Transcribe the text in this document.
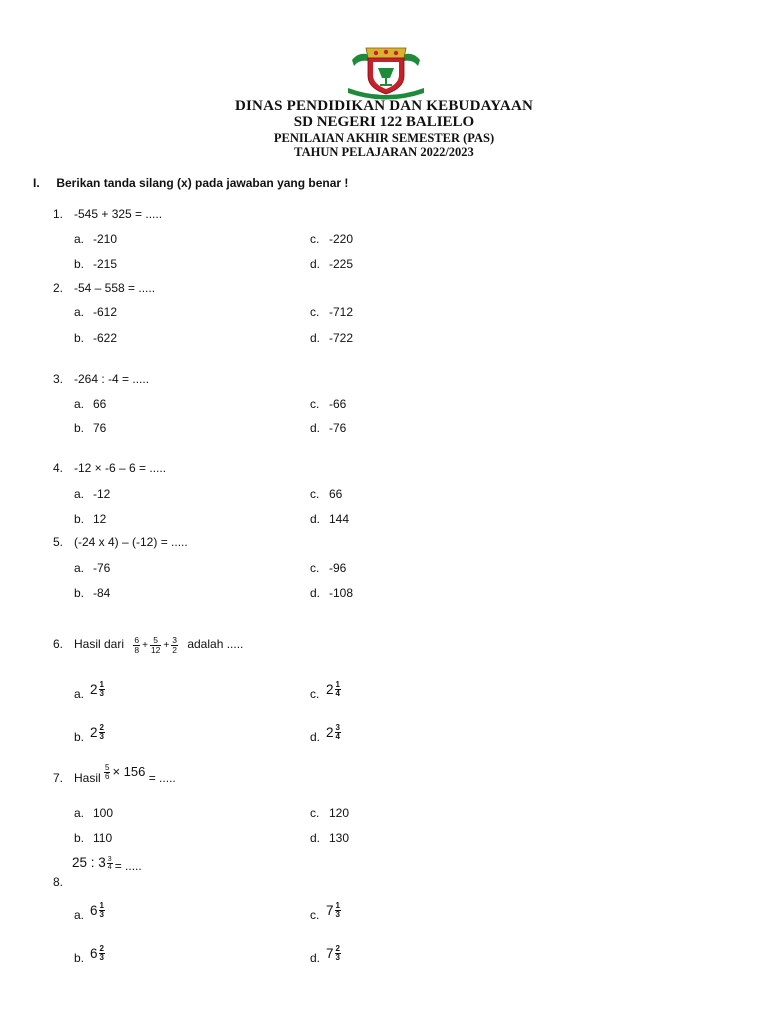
DINAS PENDIDIKAN DAN KEBUDAYAAN
SD NEGERI 122 BALIELO
PENILAIAN AKHIR SEMESTER (PAS)
TAHUN PELAJARAN 2022/2023
I. Berikan tanda silang (x) pada jawaban yang benar !
1. -545 + 325 = .....
a. -210
b. -215
c. -220
d. -225
2. -54 – 558 = .....
a. -612
b. -622
c. -712
d. -722
3. -264 : -4 = .....
a. 66
b. 76
c. -66
d. -76
4. -12 × -6 – 6 = .....
a. -12
b. 12
c. 66
d. 144
5. (-24 x 4) – (-12) = .....
a. -76
b. -84
c. -96
d. -108
6. Hasil dari $\frac{6}{8} + \frac{5}{12} + \frac{3}{2}$ adalah .....
a. $2 \frac{1}{3}$
b. $2 \frac{2}{3}$
c. $2 \frac{1}{4}$
d. $2 \frac{3}{4}$
7. Hasil $\frac{5}{6} \times 156$ = .....
a. 100
b. 110
c. 120
d. 130
25 : $3 \frac{3}{4}$ = .....
8.
a. $6 \frac{1}{3}$
b. $6 \frac{2}{3}$
c. $7 \frac{1}{3}$
d. $7 \frac{2}{3}$
